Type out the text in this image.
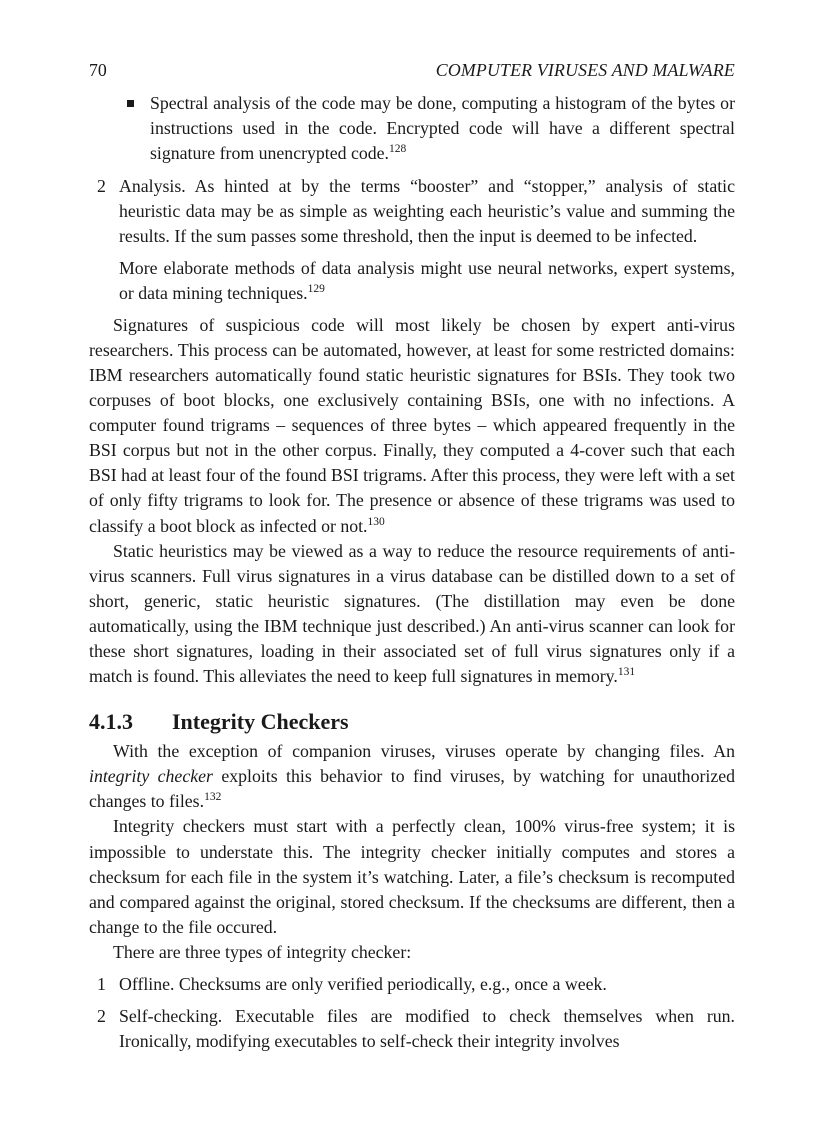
70	COMPUTER VIRUSES AND MALWARE

Spectral analysis of the code may be done, computing a histogram of the bytes or instructions used in the code. Encrypted code will have a different spectral signature from unencrypted code.$^{128}$

2 Analysis. As hinted at by the terms “booster” and “stopper,” analysis of static heuristic data may be as simple as weighting each heuristic’s value and summing the results. If the sum passes some threshold, then the input is deemed to be infected.

More elaborate methods of data analysis might use neural networks, expert systems, or data mining techniques.$^{129}$

Signatures of suspicious code will most likely be chosen by expert anti-virus researchers. This process can be automated, however, at least for some restricted domains: IBM researchers automatically found static heuristic signatures for BSIs. They took two corpuses of boot blocks, one exclusively containing BSIs, one with no infections. A computer found trigrams – sequences of three bytes – which appeared frequently in the BSI corpus but not in the other corpus. Finally, they computed a 4-cover such that each BSI had at least four of the found BSI trigrams. After this process, they were left with a set of only fifty trigrams to look for. The presence or absence of these trigrams was used to classify a boot block as infected or not.$^{130}$

Static heuristics may be viewed as a way to reduce the resource requirements of anti-virus scanners. Full virus signatures in a virus database can be distilled down to a set of short, generic, static heuristic signatures. (The distillation may even be done automatically, using the IBM technique just described.) An anti-virus scanner can look for these short signatures, loading in their associated set of full virus signatures only if a match is found. This alleviates the need to keep full signatures in memory.$^{131}$

4.1.3 Integrity Checkers

With the exception of companion viruses, viruses operate by changing files. An integrity checker exploits this behavior to find viruses, by watching for unauthorized changes to files.$^{132}$

Integrity checkers must start with a perfectly clean, 100% virus-free system; it is impossible to understate this. The integrity checker initially computes and stores a checksum for each file in the system it’s watching. Later, a file’s checksum is recomputed and compared against the original, stored checksum. If the checksums are different, then a change to the file occured.

There are three types of integrity checker:

1 Offline. Checksums are only verified periodically, e.g., once a week.

2 Self-checking. Executable files are modified to check themselves when run. Ironically, modifying executables to self-check their integrity involves
